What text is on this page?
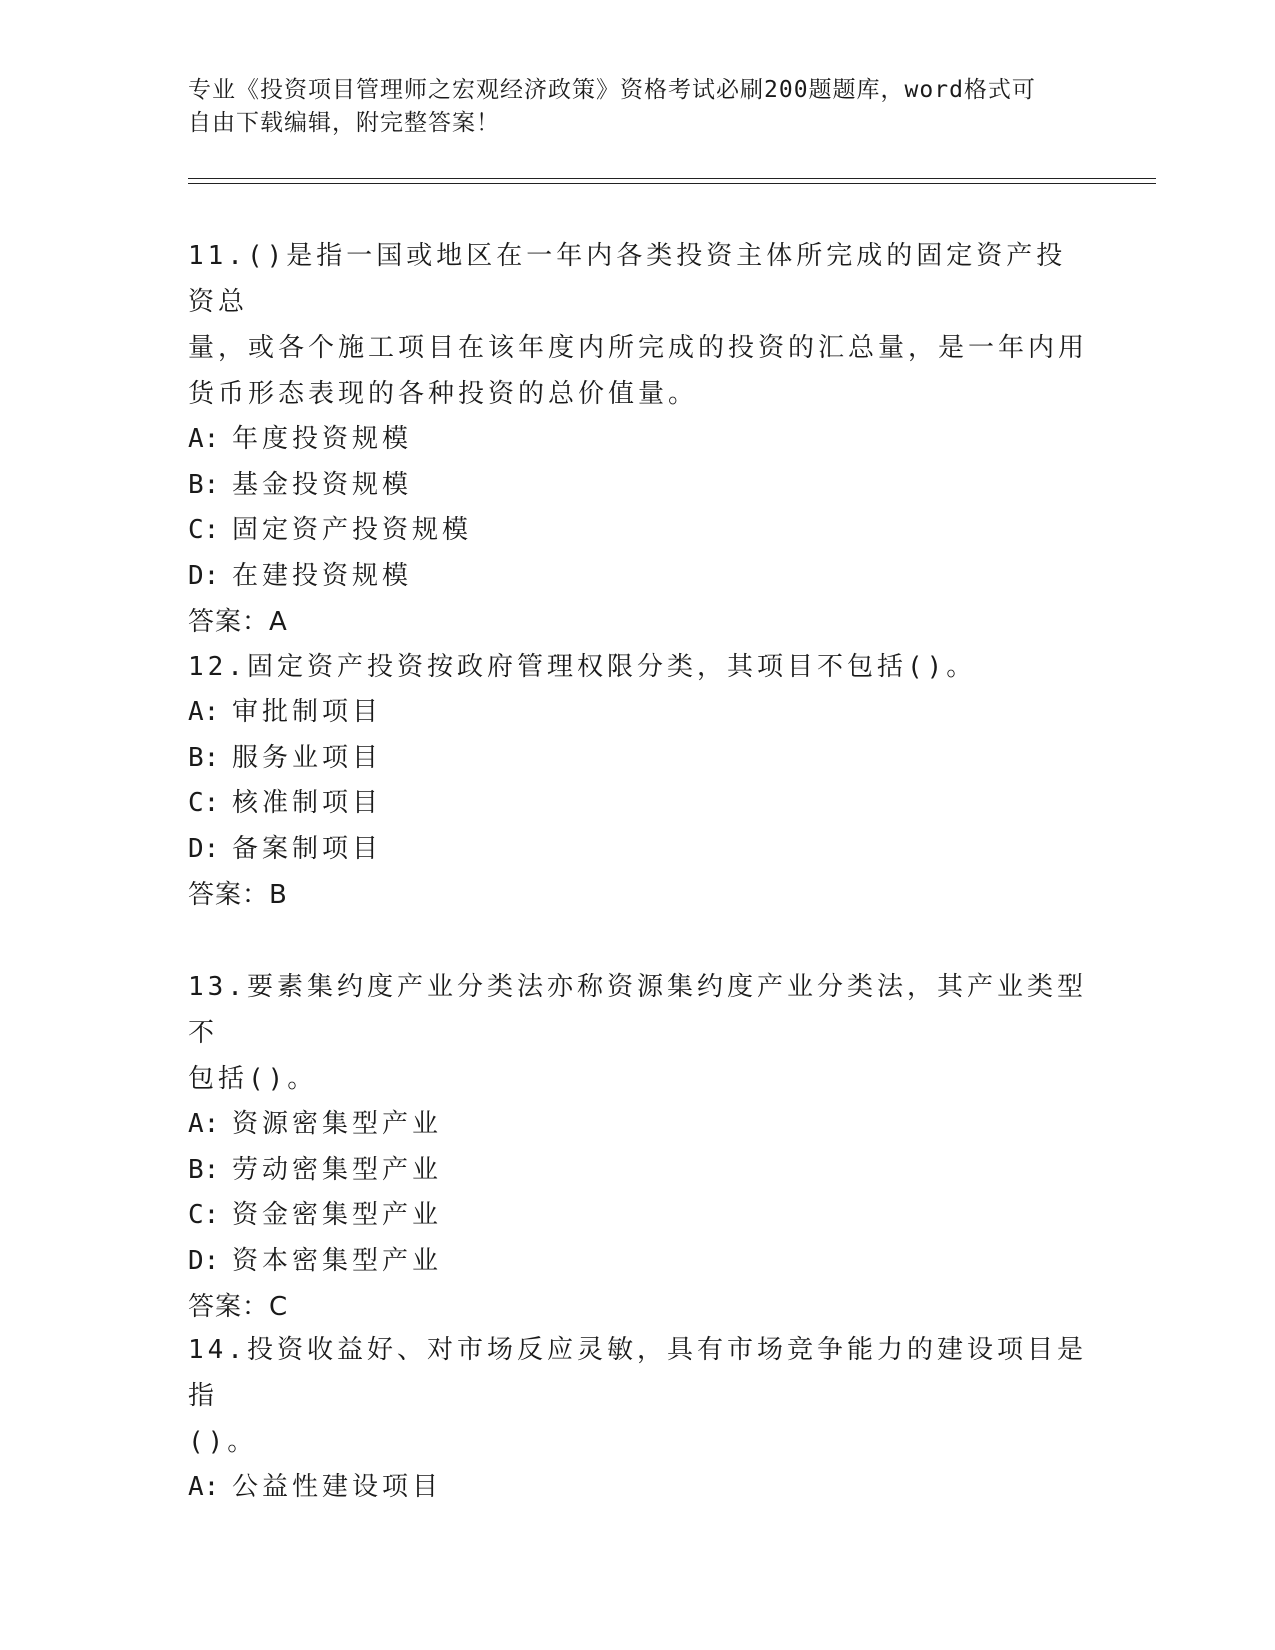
专业《投资项目管理师之宏观经济政策》资格考试必刷200题题库，word格式可
自由下载编辑，附完整答案！

11.()是指一国或地区在一年内各类投资主体所完成的固定资产投资总

量，或各个施工项目在该年度内所完成的投资的汇总量，是一年内用

货币形态表现的各种投资的总价值量。

A: 年度投资规模

B: 基金投资规模

C: 固定资产投资规模

D: 在建投资规模

答案：A

12.固定资产投资按政府管理权限分类，其项目不包括()。

A: 审批制项目

B: 服务业项目

C: 核准制项目

D: 备案制项目

答案：B

13.要素集约度产业分类法亦称资源集约度产业分类法，其产业类型不

包括()。

A: 资源密集型产业

B: 劳动密集型产业

C: 资金密集型产业

D: 资本密集型产业

答案：C

14.投资收益好、对市场反应灵敏，具有市场竞争能力的建设项目是指

()。

A: 公益性建设项目
